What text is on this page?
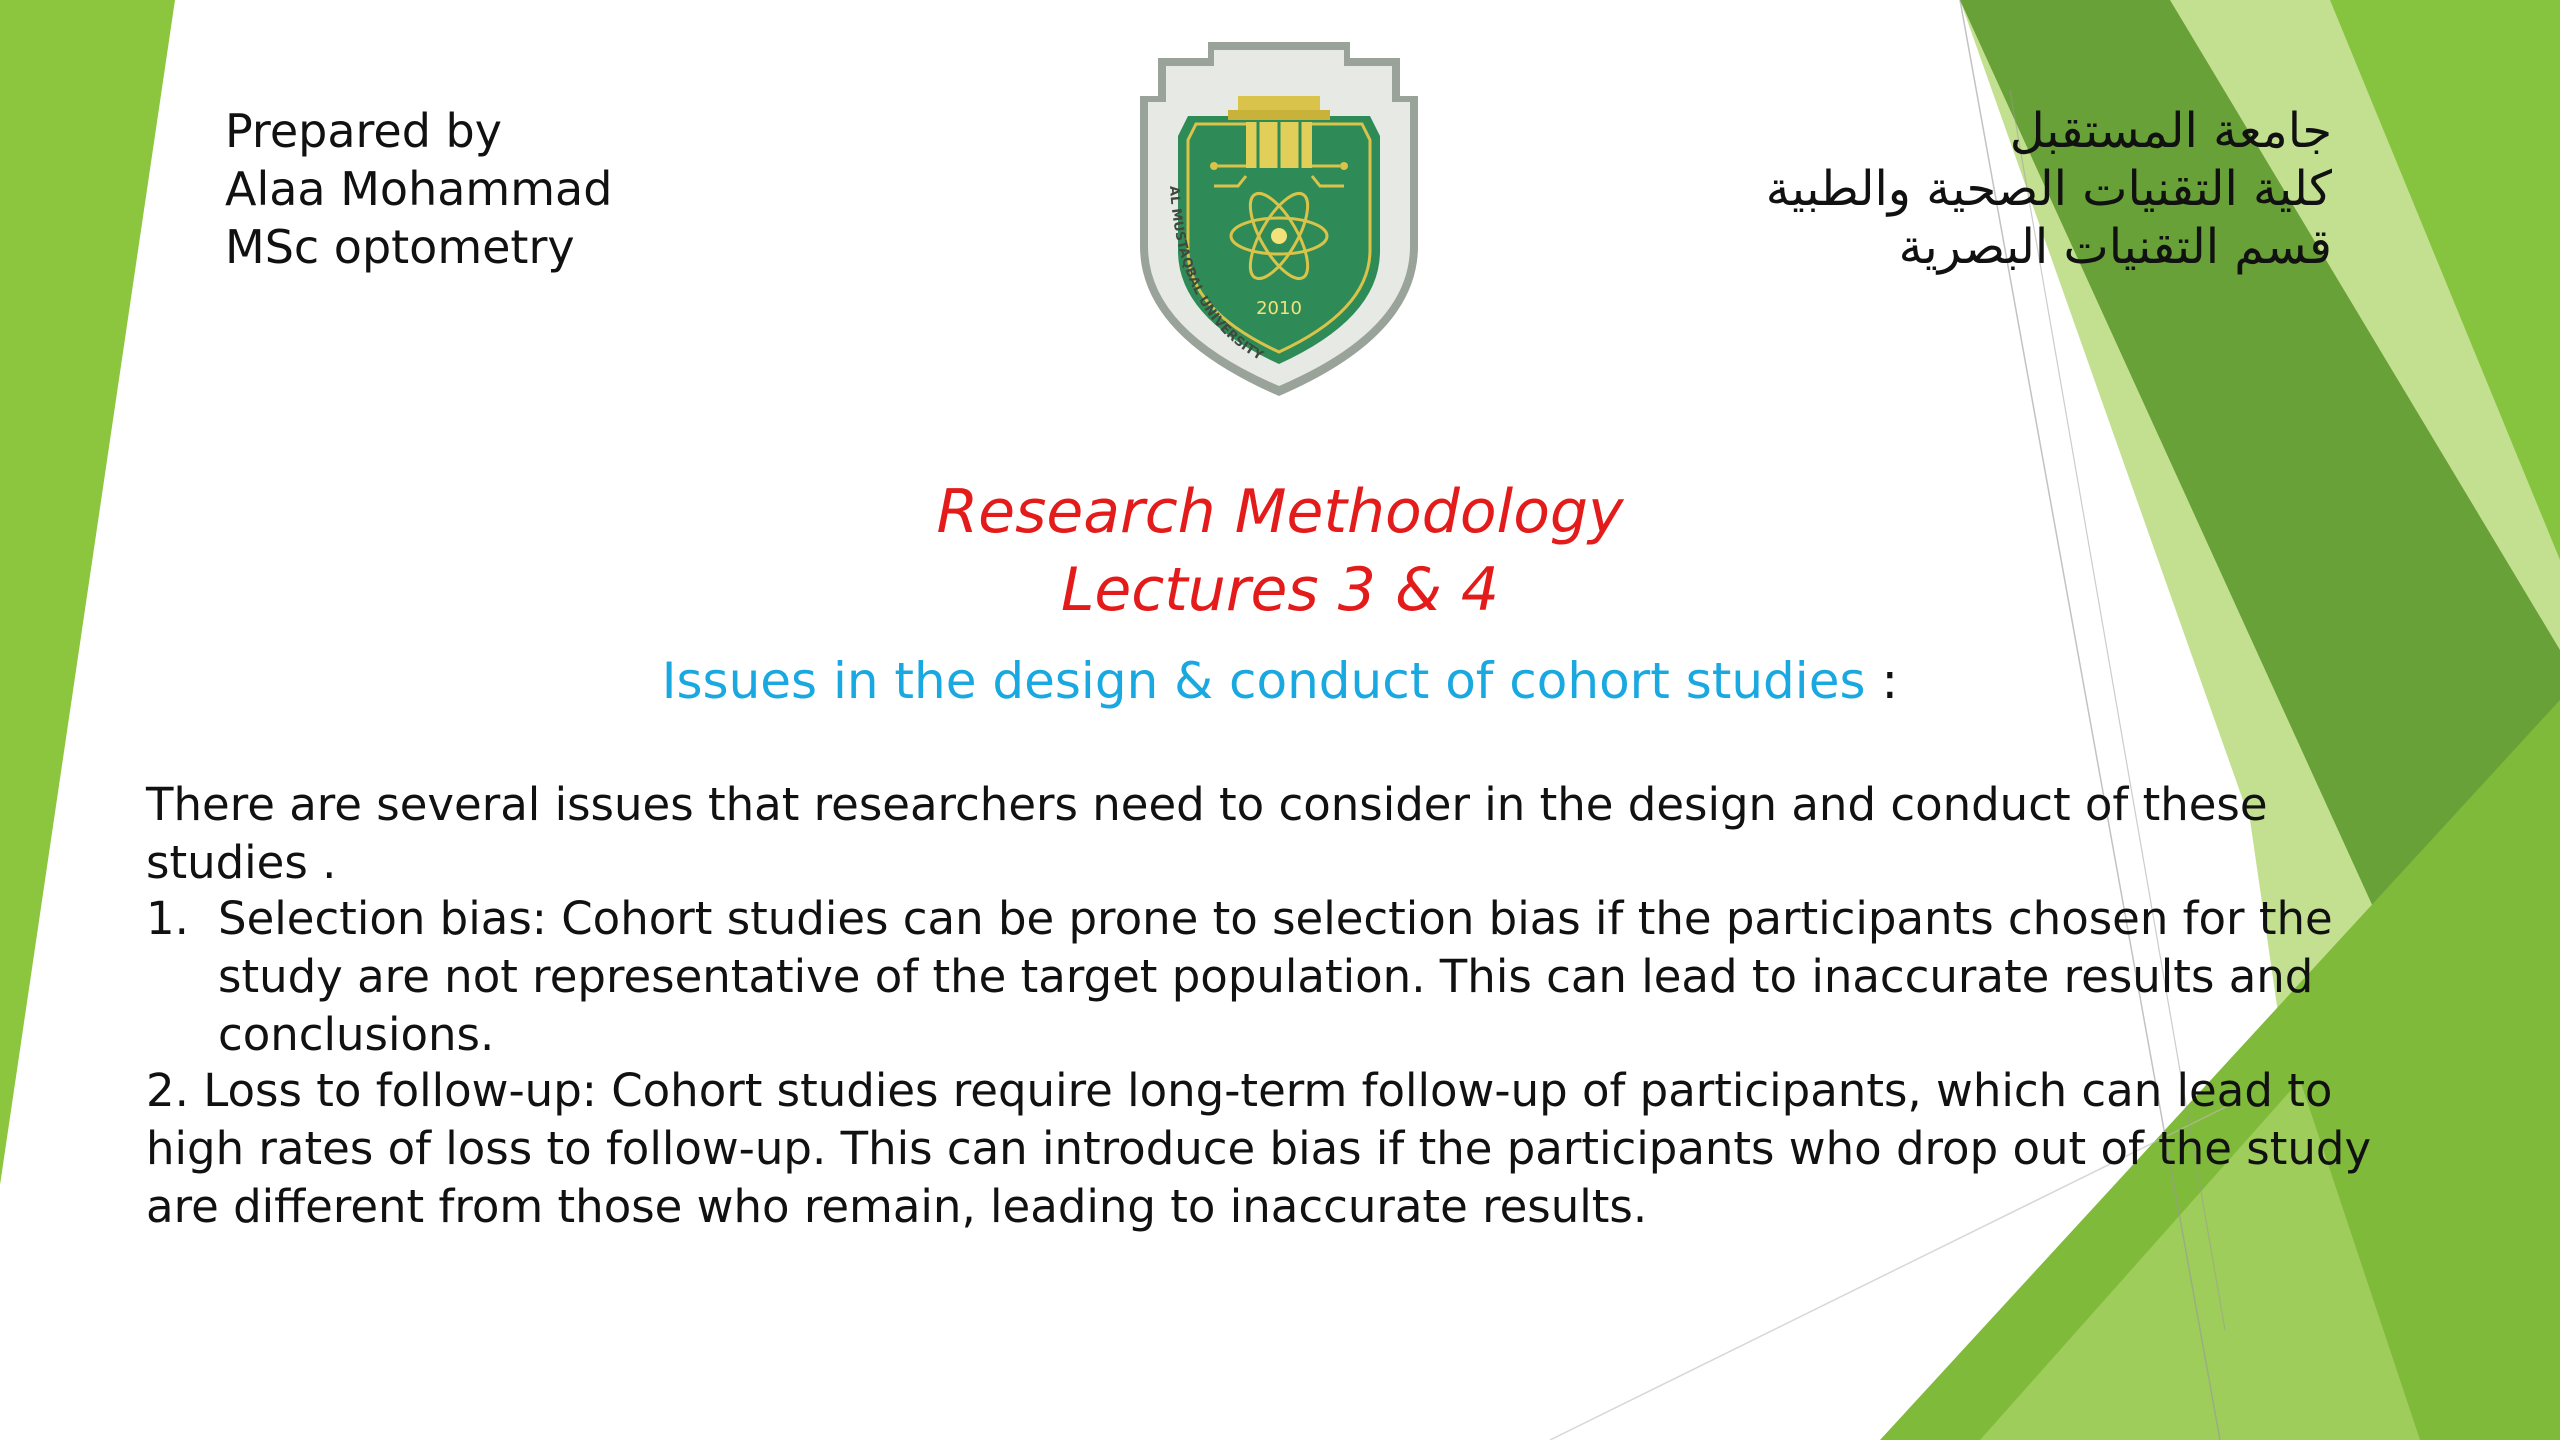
Prepared by
Alaa Mohammad
MSc optometry
جامعة المستقبل
كلية التقنيات الصحية والطبية
قسم التقنيات البصرية
2010
AL MUSTAQBAL UNIVERSITY
Research Methodology
Lectures 3 & 4
Issues in the design & conduct of cohort studies :
There are several issues that researchers need to consider in the design and conduct of these studies .
1. Selection bias: Cohort studies can be prone to selection bias if the participants chosen for the study are not representative of the target population. This can lead to inaccurate results and conclusions.
2. Loss to follow-up: Cohort studies require long-term follow-up of participants, which can lead to high rates of loss to follow-up. This can introduce bias if the participants who drop out of the study are different from those who remain, leading to inaccurate results.
